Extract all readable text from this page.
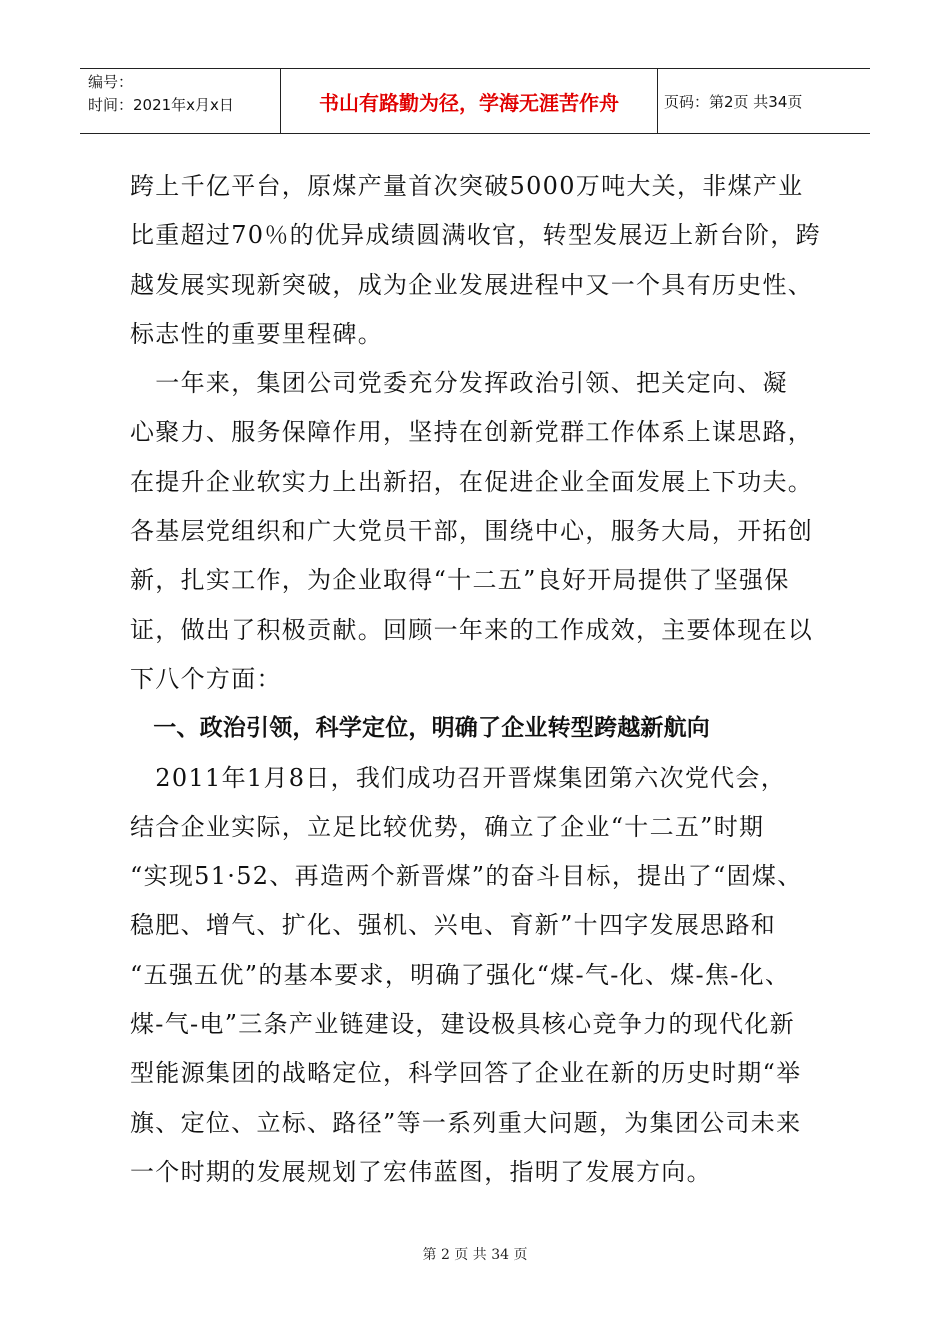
编号：
时间：2021年x月x日	书山有路勤为径，学海无涯苦作舟	页码：第2页 共34页
跨上千亿平台，原煤产量首次突破5000万吨大关，非煤产业
比重超过70％的优异成绩圆满收官，转型发展迈上新台阶，跨
越发展实现新突破，成为企业发展进程中又一个具有历史性、
标志性的重要里程碑。
　一年来，集团公司党委充分发挥政治引领、把关定向、凝
心聚力、服务保障作用，坚持在创新党群工作体系上谋思路，
在提升企业软实力上出新招，在促进企业全面发展上下功夫。
各基层党组织和广大党员干部，围绕中心，服务大局，开拓创
新，扎实工作，为企业取得“十二五”良好开局提供了坚强保
证，做出了积极贡献。回顾一年来的工作成效，主要体现在以
下八个方面：
　一、政治引领，科学定位，明确了企业转型跨越新航向
　2011年1月8日，我们成功召开晋煤集团第六次党代会，
结合企业实际，立足比较优势，确立了企业“十二五”时期
“实现51·52、再造两个新晋煤”的奋斗目标，提出了“固煤、
稳肥、增气、扩化、强机、兴电、育新”十四字发展思路和
“五强五优”的基本要求，明确了强化“煤-气-化、煤-焦-化、
煤-气-电”三条产业链建设，建设极具核心竞争力的现代化新
型能源集团的战略定位，科学回答了企业在新的历史时期“举
旗、定位、立标、路径”等一系列重大问题，为集团公司未来
一个时期的发展规划了宏伟蓝图，指明了发展方向。
第 2 页 共 34 页
